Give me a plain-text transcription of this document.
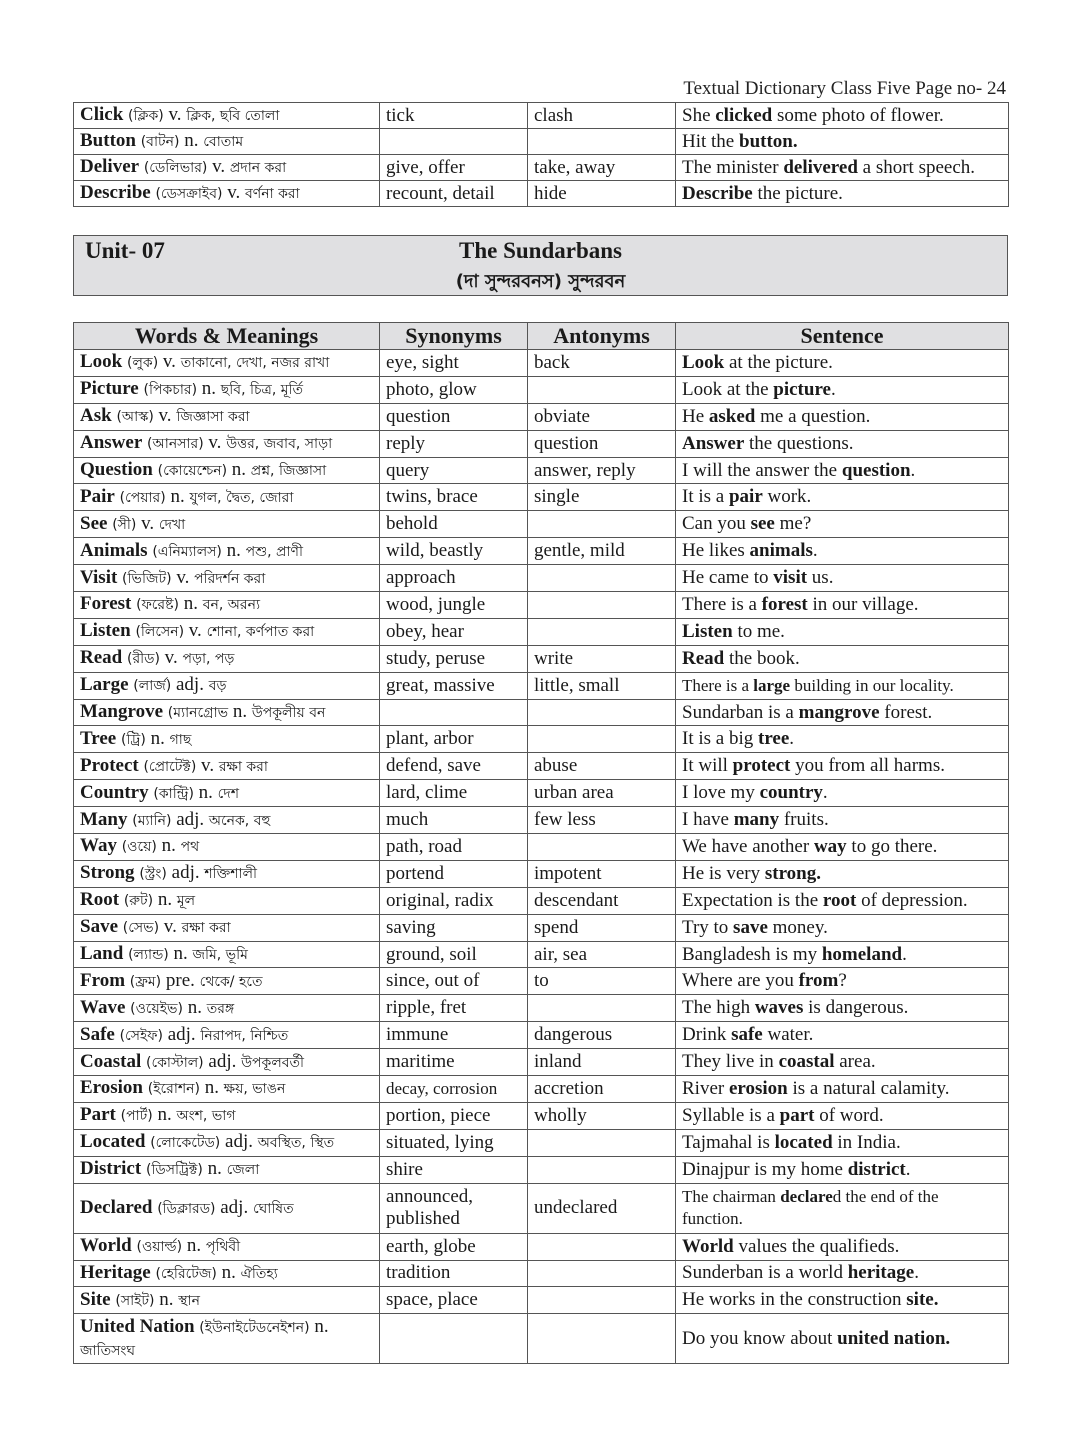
Textual Dictionary Class Five Page no- 24
Click (ক্লিক) v. ক্লিক, ছবি তোলা	tick	clash	She clicked some photo of flower.
Button (বাটন) n. বোতাম			Hit the button.
Deliver (ডেলিভার) v. প্রদান করা	give, offer	take, away	The minister delivered a short speech.
Describe (ডেসক্রাইব) v. বর্ণনা করা	recount, detail	hide	Describe the picture.
Unit- 07	The Sundarbans
(দা সুন্দরবনস) সুন্দরবন
Words & Meanings	Synonyms	Antonyms	Sentence
Look (লুক) v. তাকানো, দেখা, নজর রাখা	eye, sight	back	Look at the picture.
Picture (পিকচার) n. ছবি, চিত্র, মূর্তি	photo, glow		Look at the picture.
Ask (আস্ক) v. জিজ্ঞাসা করা	question	obviate	He asked me a question.
Answer (আনসার) v. উত্তর, জবাব, সাড়া	reply	question	Answer the questions.
Question (কোয়েশ্চেন) n. প্রশ্ন, জিজ্ঞাসা	query	answer, reply	I will the answer the question.
Pair (পেয়ার) n. যুগল, দ্বৈত, জোরা	twins, brace	single	It is a pair work.
See (সী) v. দেখা	behold		Can you see me?
Animals (এনিম্যালস) n. পশু, প্রাণী	wild, beastly	gentle, mild	He likes animals.
Visit (ভিজিট) v. পরিদর্শন করা	approach		He came to visit us.
Forest (ফরেষ্ট) n. বন, অরন্য	wood, jungle		There is a forest in our village.
Listen (লিসেন) v. শোনা, কর্ণপাত করা	obey, hear		Listen to me.
Read (রীড) v. পড়া, পড়	study, peruse	write	Read the book.
Large (লার্জ) adj. বড়	great, massive	little, small	There is a large building in our locality.
Mangrove (ম্যানগ্রোভ n. উপকূলীয় বন			Sundarban is a mangrove forest.
Tree (ট্রি) n. গাছ	plant, arbor		It is a big tree.
Protect (প্রোটেক্ট) v. রক্ষা করা	defend, save	abuse	It will protect you from all harms.
Country (কান্ট্রি) n. দেশ	lard, clime	urban area	I love my country.
Many (ম্যানি) adj. অনেক, বহু	much	few less	I have many fruits.
Way (ওয়ে) n. পথ	path, road		We have another way to go there.
Strong (স্ট্রং) adj. শক্তিশালী	portend	impotent	He is very strong.
Root (রুট) n. মূল	original, radix	descendant	Expectation is the root of depression.
Save (সেভ) v. রক্ষা করা	saving	spend	Try to save money.
Land (ল্যান্ড) n. জমি, ভূমি	ground, soil	air, sea	Bangladesh is my homeland.
From (ফ্রম) pre. থেকে/ হতে	since, out of	to	Where are you from?
Wave (ওয়েইভ) n. তরঙ্গ	ripple, fret		The high waves is dangerous.
Safe (সেইফ) adj. নিরাপদ, নিশ্চিত	immune	dangerous	Drink safe water.
Coastal (কোস্টাল) adj. উপকূলবর্তী	maritime	inland	They live in coastal area.
Erosion (ইরোশন) n. ক্ষয়, ভাঙন	decay, corrosion	accretion	River erosion is a natural calamity.
Part (পার্ট) n. অংশ, ভাগ	portion, piece	wholly	Syllable is a part of word.
Located (লোকেটেড) adj. অবস্থিত, স্থিত	situated, lying		Tajmahal is located in India.
District (ডিসট্রিক্ট) n. জেলা	shire		Dinajpur is my home district.
Declared (ডিক্লারড) adj. ঘোষিত	announced, published	undeclared	The chairman declared the end of the function.
World (ওয়ার্ল্ড) n. পৃথিবী	earth, globe		World values the qualifieds.
Heritage (হেরিটেজ) n. ঐতিহ্য	tradition		Sunderban is a world heritage.
Site (সাইট) n. স্থান	space, place		He works in the construction site.
United Nation (ইউনাইটেডনেইশন) n. জাতিসংঘ			Do you know about united nation.
